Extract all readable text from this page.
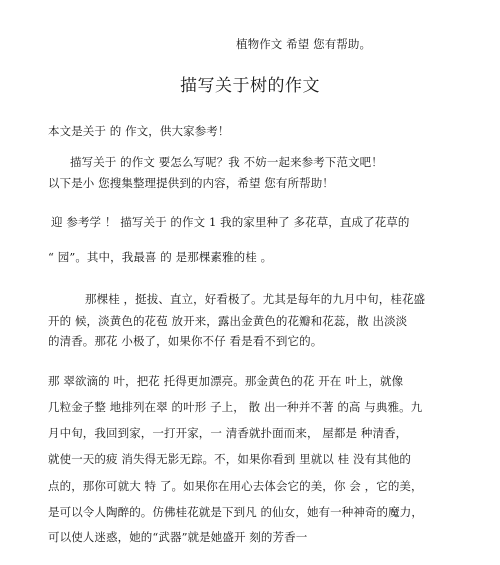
植物作文 希望 您有帮助。
描写关于树的作文
本文是关于 的 作文，供大家参考！
描写关于 的作文 要怎么写呢？我 不妨一起来参考下范文吧！
以下是小 您搜集整理提供到的内容，希望 您有所帮助！
迎 参考学 ！ 描写关于 的作文 1 我的家里种了 多花草，直成了花草的
“ 园”。其中，我最喜 的 是那棵素雅的桂 。
那棵桂 ，挺拔、直立，好看极了。尤其是每年的九月中旬，桂花盛
开的 候，淡黄色的花苞 放开来，露出金黄色的花瓣和花蕊，散 出淡淡
的清香。那花 小极了，如果你不仔 看是看不到它的。
那 翠欲滴的 叶，把花 托得更加漂亮。那金黄色的花 开在 叶上，就像
几粒金子整 地排列在翠 的叶形 子上， 散 出一种并不著 的高 与典雅。九
月中旬，我回到家，一打开家，一 清香就扑面而来， 屋都是 种清香，
就使一天的疲 消失得无影无踪。不，如果你看到 里就以 桂 没有其他的
点的，那你可就大 特 了。如果你在用心去体会它的美，你 会 ，它的美，
是可以令人陶醉的。仿佛桂花就是下到凡 的仙女，她有一种神奇的魔力，
可以使人迷惑，她的“武器”就是她盛开 刻的芳香一
